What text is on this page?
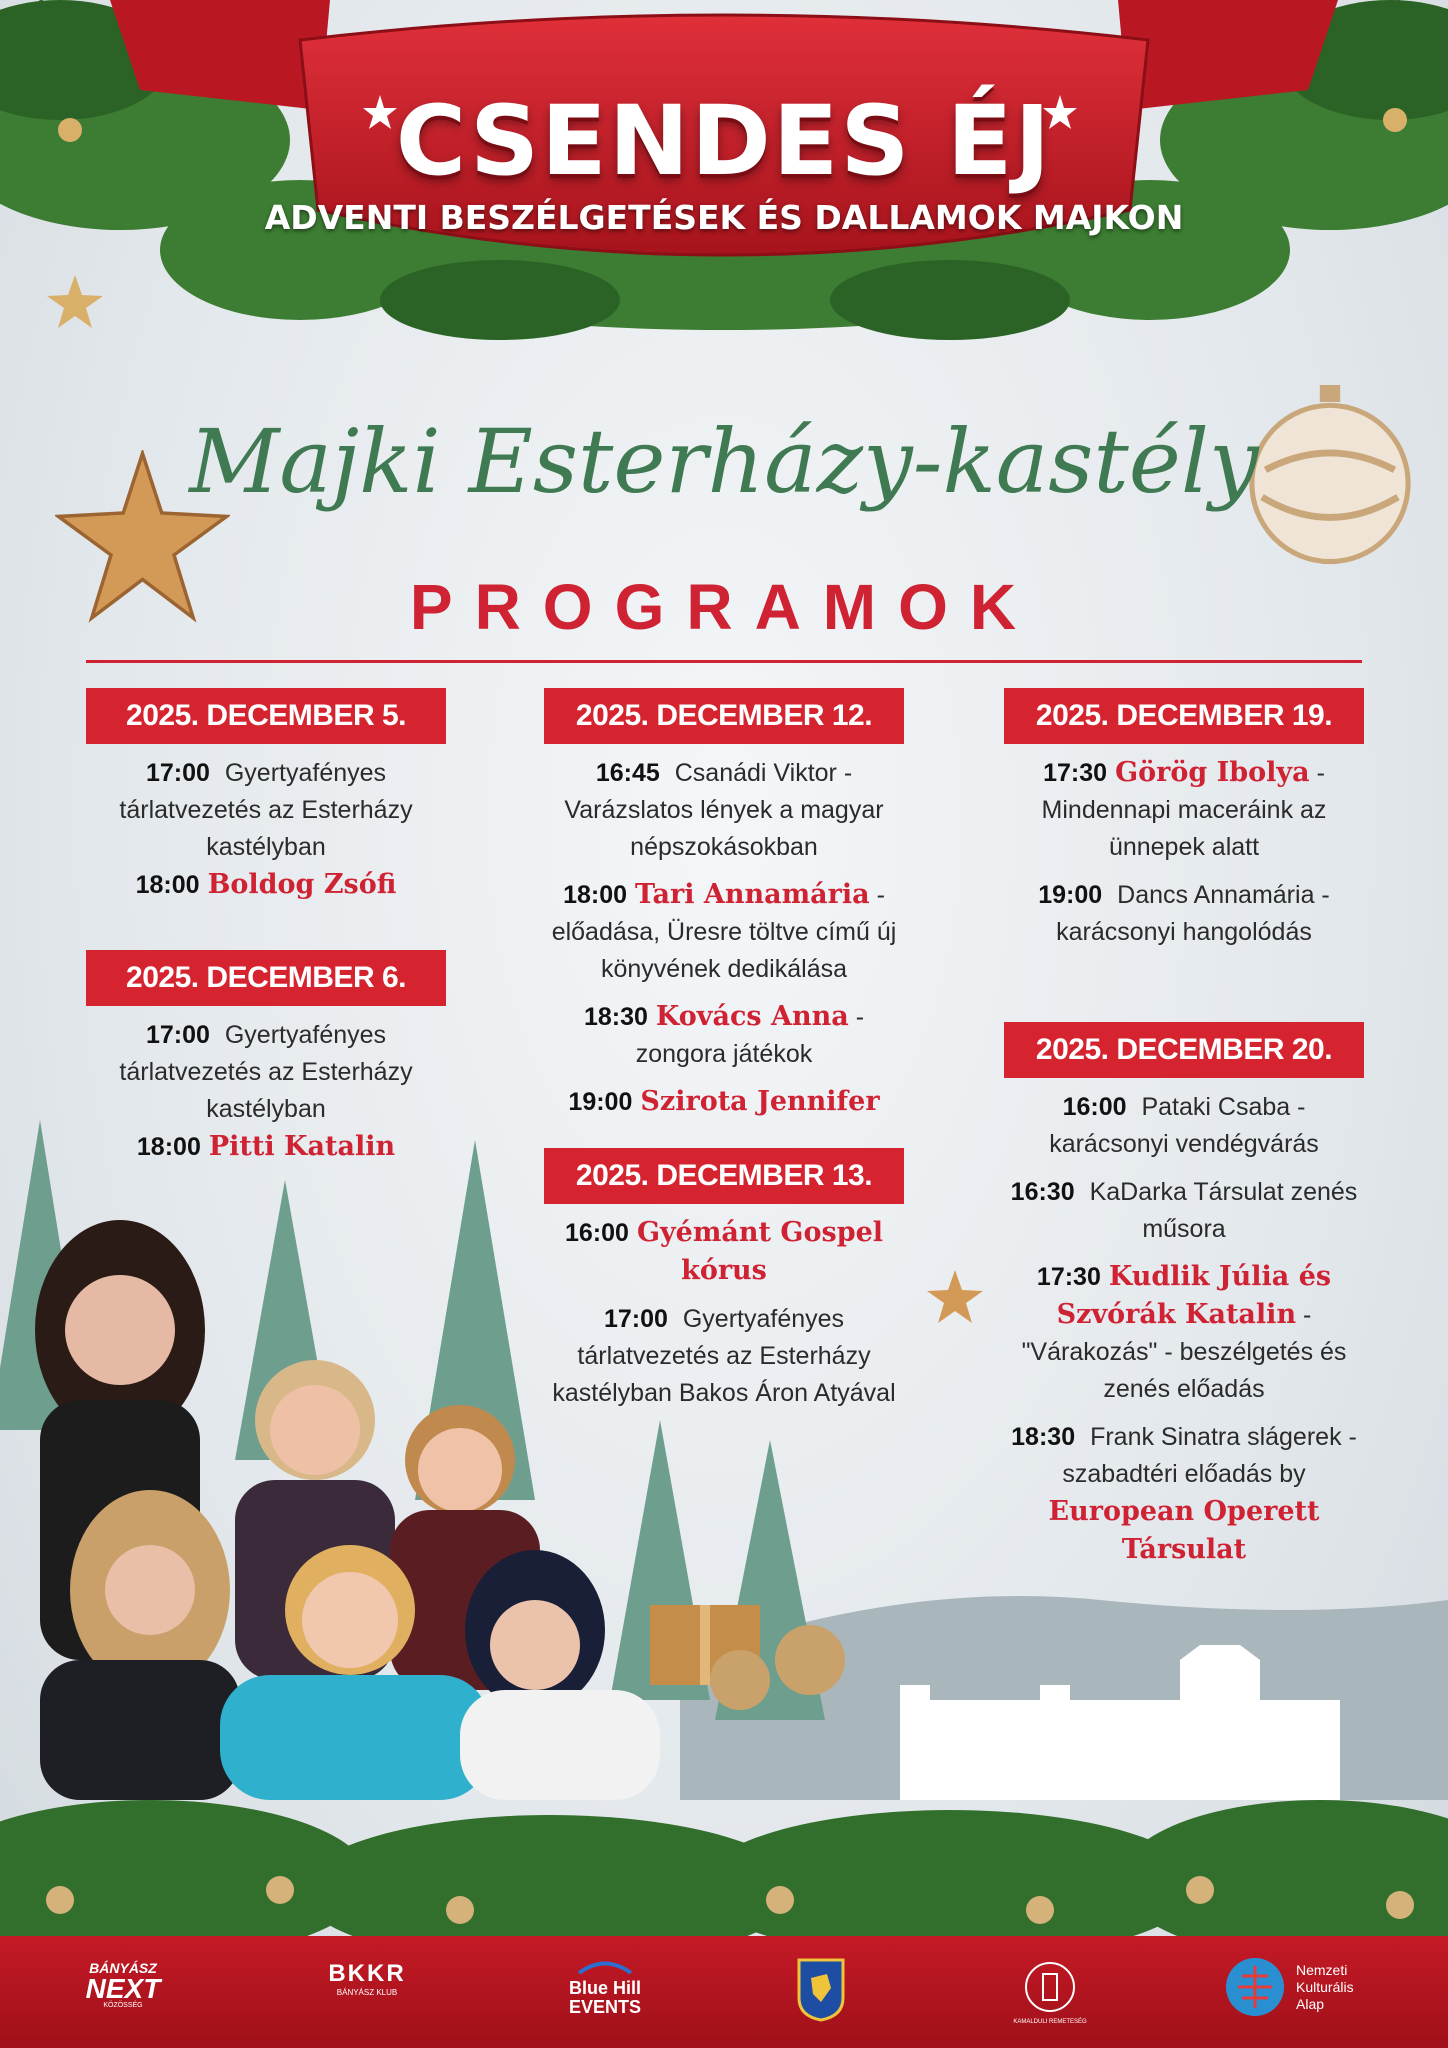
CSENDES ÉJ
ADVENTI BESZÉLGETÉSEK ÉS DALLAMOK MAJKON
Majki Esterházy-kastély
PROGRAMOK
2025. DECEMBER 5.

17:00 Gyertyafényes tárlatvezetés az Esterházy kastélyban

18:00 Boldog Zsófi

2025. DECEMBER 6.

17:00 Gyertyafényes tárlatvezetés az Esterházy kastélyban

18:00 Pitti Katalin

2025. DECEMBER 12.

16:45 Csanádi Viktor - Varázslatos lények a magyar népszokásokban

18:00 Tari Annamária - előadása, Üresre töltve című új könyvének dedikálása

18:30 Kovács Anna - zongora játékok

19:00 Szirota Jennifer

2025. DECEMBER 13.

16:00 Gyémánt Gospel kórus

17:00 Gyertyafényes tárlatvezetés az Esterházy kastélyban Bakos Áron Atyával

2025. DECEMBER 19.

17:30 Görög Ibolya - Mindennapi maceráink az ünnepek alatt

19:00 Dancs Annamária - karácsonyi hangolódás

2025. DECEMBER 20.

16:00 Pataki Csaba - karácsonyi vendégvárás

16:30 KaDarka Társulat zenés műsora

17:30 Kudlik Júlia és Szvórák Katalin - "Várakozás" - beszélgetés és zenés előadás

18:30 Frank Sinatra slágerek - szabadtéri előadás by

European Operett Társulat

BÁNYÁSZ
NEXT
KÖZÖSSÉG
BKKR
BÁNYÁSZ KLUB	Blue Hill
EVENTS
KAMALDULI REMETESÉG
Nemzeti
Kulturális
Alap
